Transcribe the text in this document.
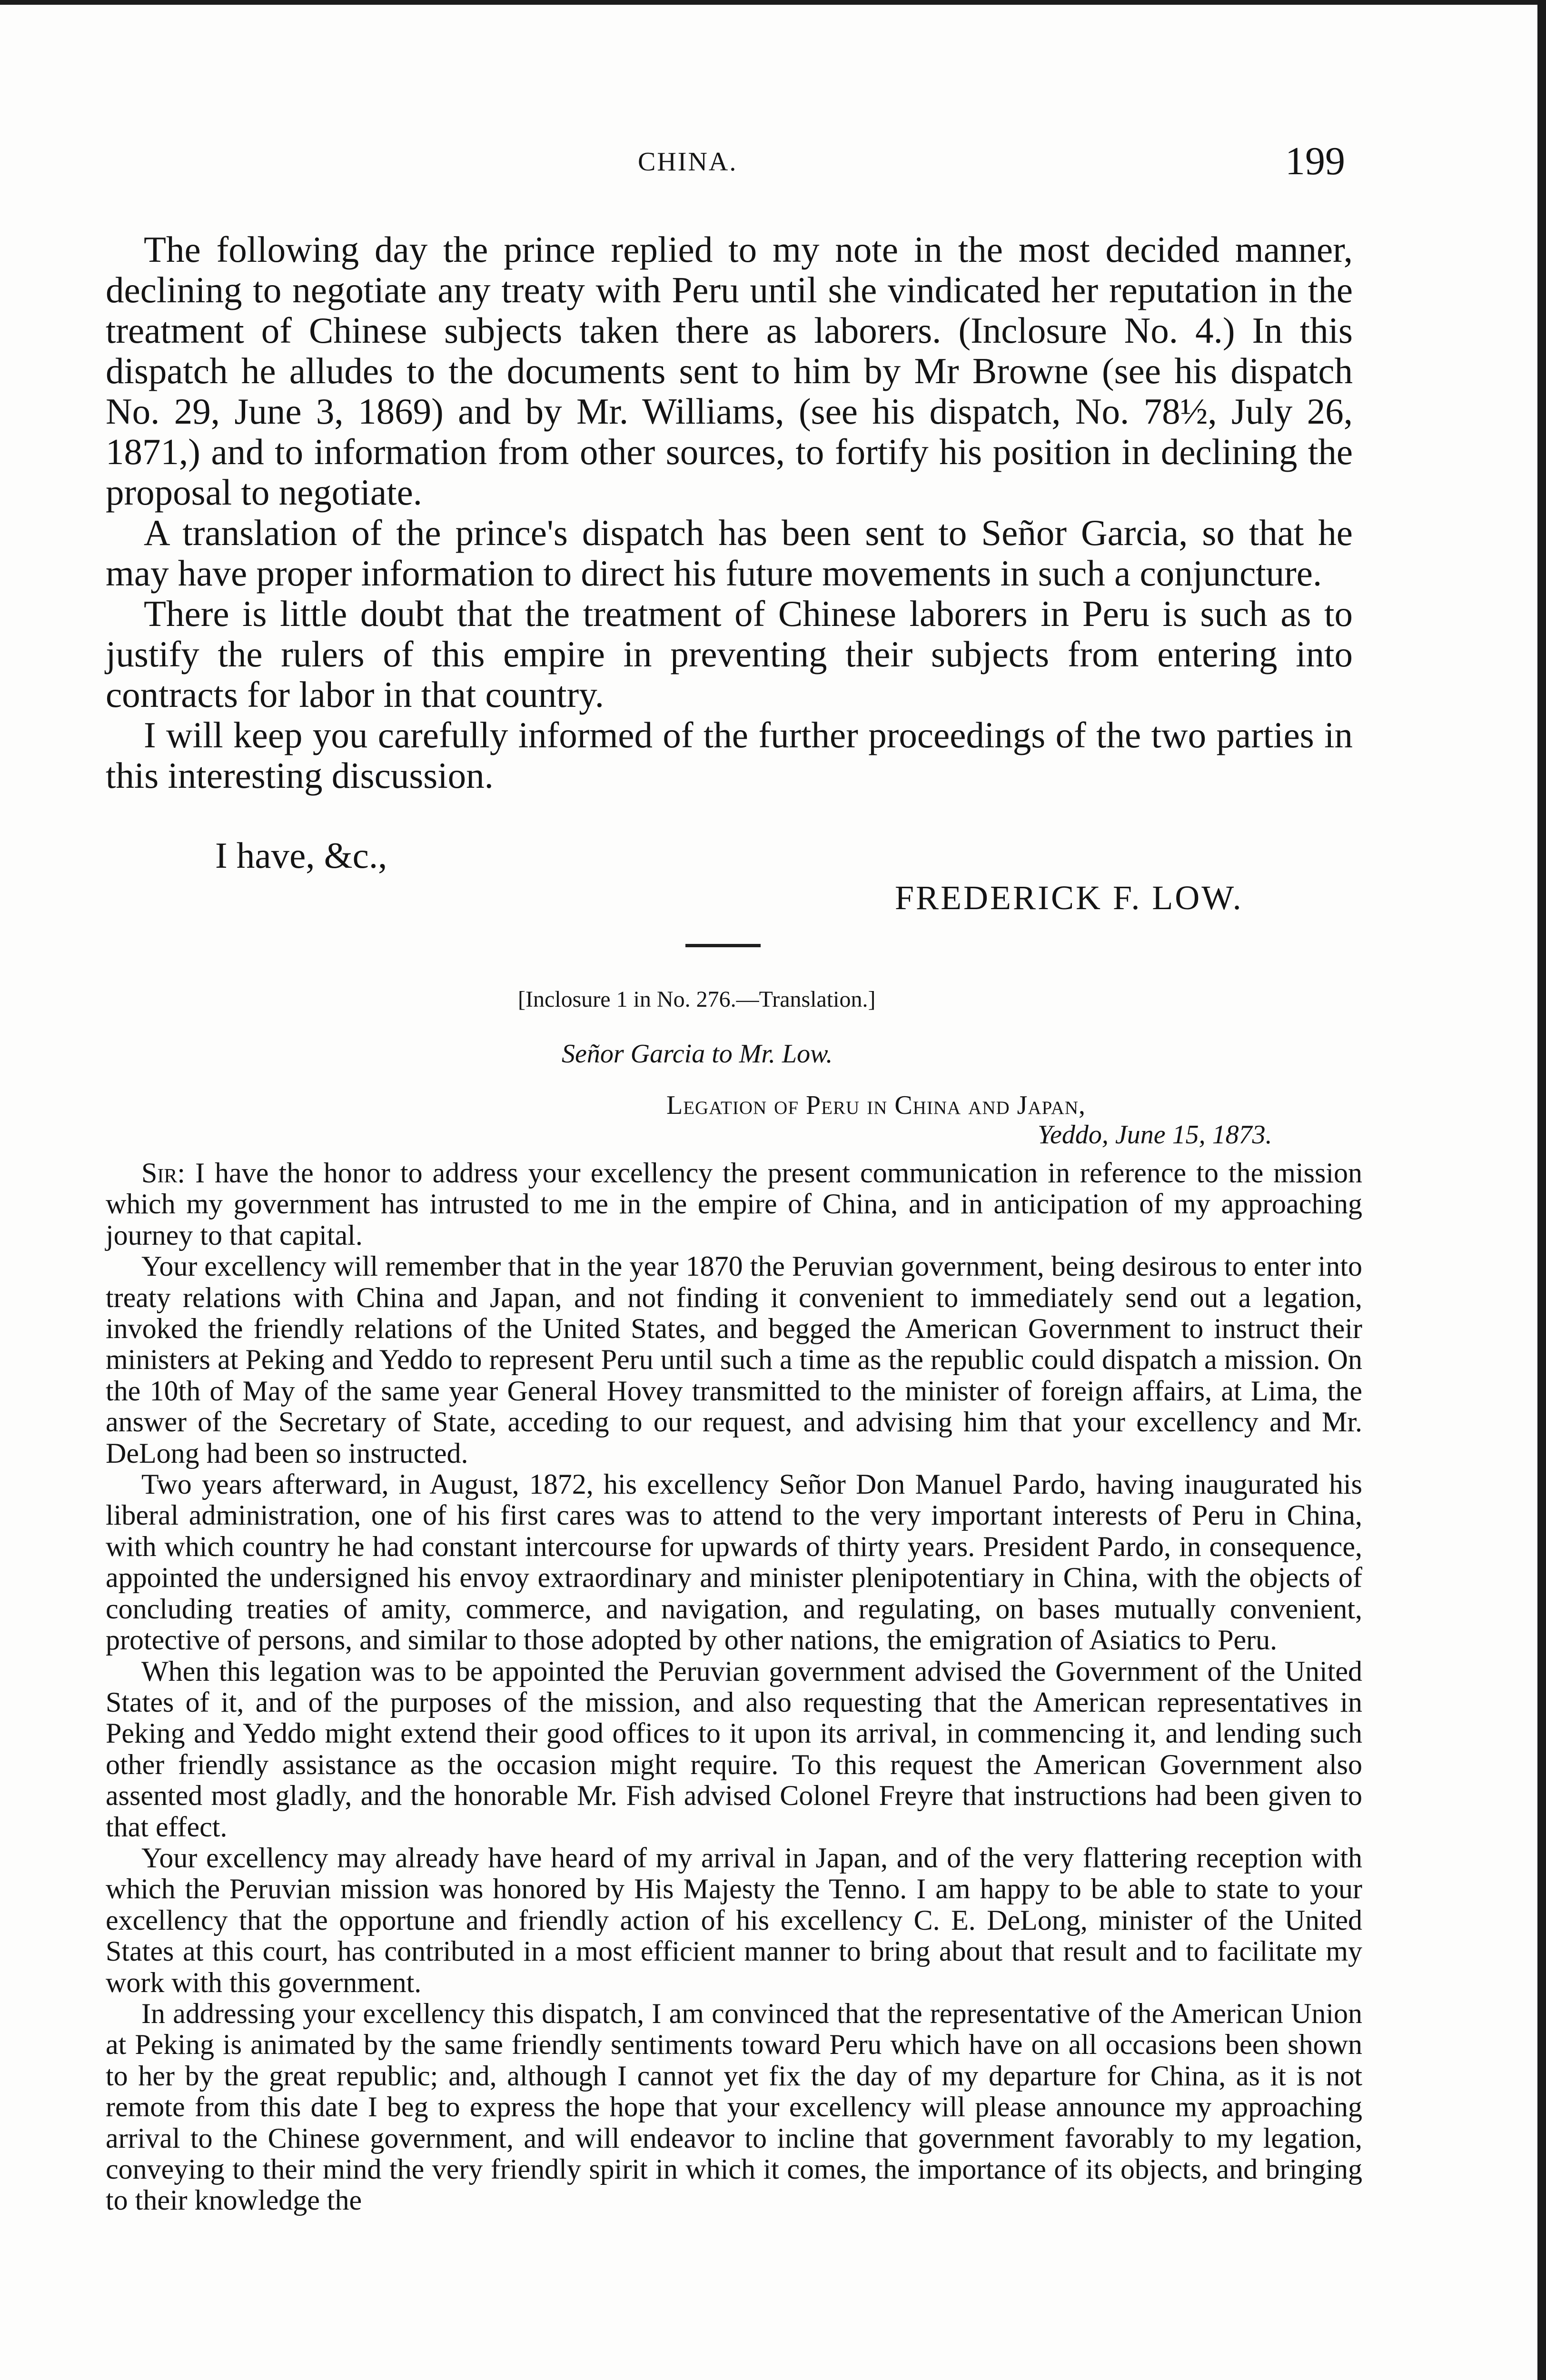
CHINA.	199

The following day the prince replied to my note in the most decided manner, declining to negotiate any treaty with Peru until she vindicated her reputation in the treatment of Chinese subjects taken there as laborers. (Inclosure No. 4.) In this dispatch he alludes to the documents sent to him by Mr Browne (see his dispatch No. 29, June 3, 1869) and by Mr. Williams, (see his dispatch, No. 78½, July 26, 1871,) and to information from other sources, to fortify his position in declining the proposal to negotiate.

A translation of the prince's dispatch has been sent to Señor Garcia, so that he may have proper information to direct his future movements in such a conjuncture.

There is little doubt that the treatment of Chinese laborers in Peru is such as to justify the rulers of this empire in preventing their subjects from entering into contracts for labor in that country.

I will keep you carefully informed of the further proceedings of the two parties in this interesting discussion.

I have, &c.,
FREDERICK F. LOW.
[Inclosure 1 in No. 276.—Translation.]
Señor Garcia to Mr. Low.
Legation of Peru in China and Japan,
Yeddo, June 15, 1873.

Sir: I have the honor to address your excellency the present communication in reference to the mission which my government has intrusted to me in the empire of China, and in anticipation of my approaching journey to that capital.

Your excellency will remember that in the year 1870 the Peruvian government, being desirous to enter into treaty relations with China and Japan, and not finding it convenient to immediately send out a legation, invoked the friendly relations of the United States, and begged the American Government to instruct their ministers at Peking and Yeddo to represent Peru until such a time as the republic could dispatch a mission. On the 10th of May of the same year General Hovey transmitted to the minister of foreign affairs, at Lima, the answer of the Secretary of State, acceding to our request, and advising him that your excellency and Mr. DeLong had been so instructed.

Two years afterward, in August, 1872, his excellency Señor Don Manuel Pardo, having inaugurated his liberal administration, one of his first cares was to attend to the very important interests of Peru in China, with which country he had constant intercourse for upwards of thirty years. President Pardo, in consequence, appointed the undersigned his envoy extraordinary and minister plenipotentiary in China, with the objects of concluding treaties of amity, commerce, and navigation, and regulating, on bases mutually convenient, protective of persons, and similar to those adopted by other nations, the emigration of Asiatics to Peru.

When this legation was to be appointed the Peruvian government advised the Government of the United States of it, and of the purposes of the mission, and also requesting that the American representatives in Peking and Yeddo might extend their good offices to it upon its arrival, in commencing it, and lending such other friendly assistance as the occasion might require. To this request the American Government also assented most gladly, and the honorable Mr. Fish advised Colonel Freyre that instructions had been given to that effect.

Your excellency may already have heard of my arrival in Japan, and of the very flattering reception with which the Peruvian mission was honored by His Majesty the Tenno. I am happy to be able to state to your excellency that the opportune and friendly action of his excellency C. E. DeLong, minister of the United States at this court, has contributed in a most efficient manner to bring about that result and to facilitate my work with this government.

In addressing your excellency this dispatch, I am convinced that the representative of the American Union at Peking is animated by the same friendly sentiments toward Peru which have on all occasions been shown to her by the great republic; and, although I cannot yet fix the day of my departure for China, as it is not remote from this date I beg to express the hope that your excellency will please announce my approaching arrival to the Chinese government, and will endeavor to incline that government favorably to my legation, conveying to their mind the very friendly spirit in which it comes, the importance of its objects, and bringing to their knowledge the
